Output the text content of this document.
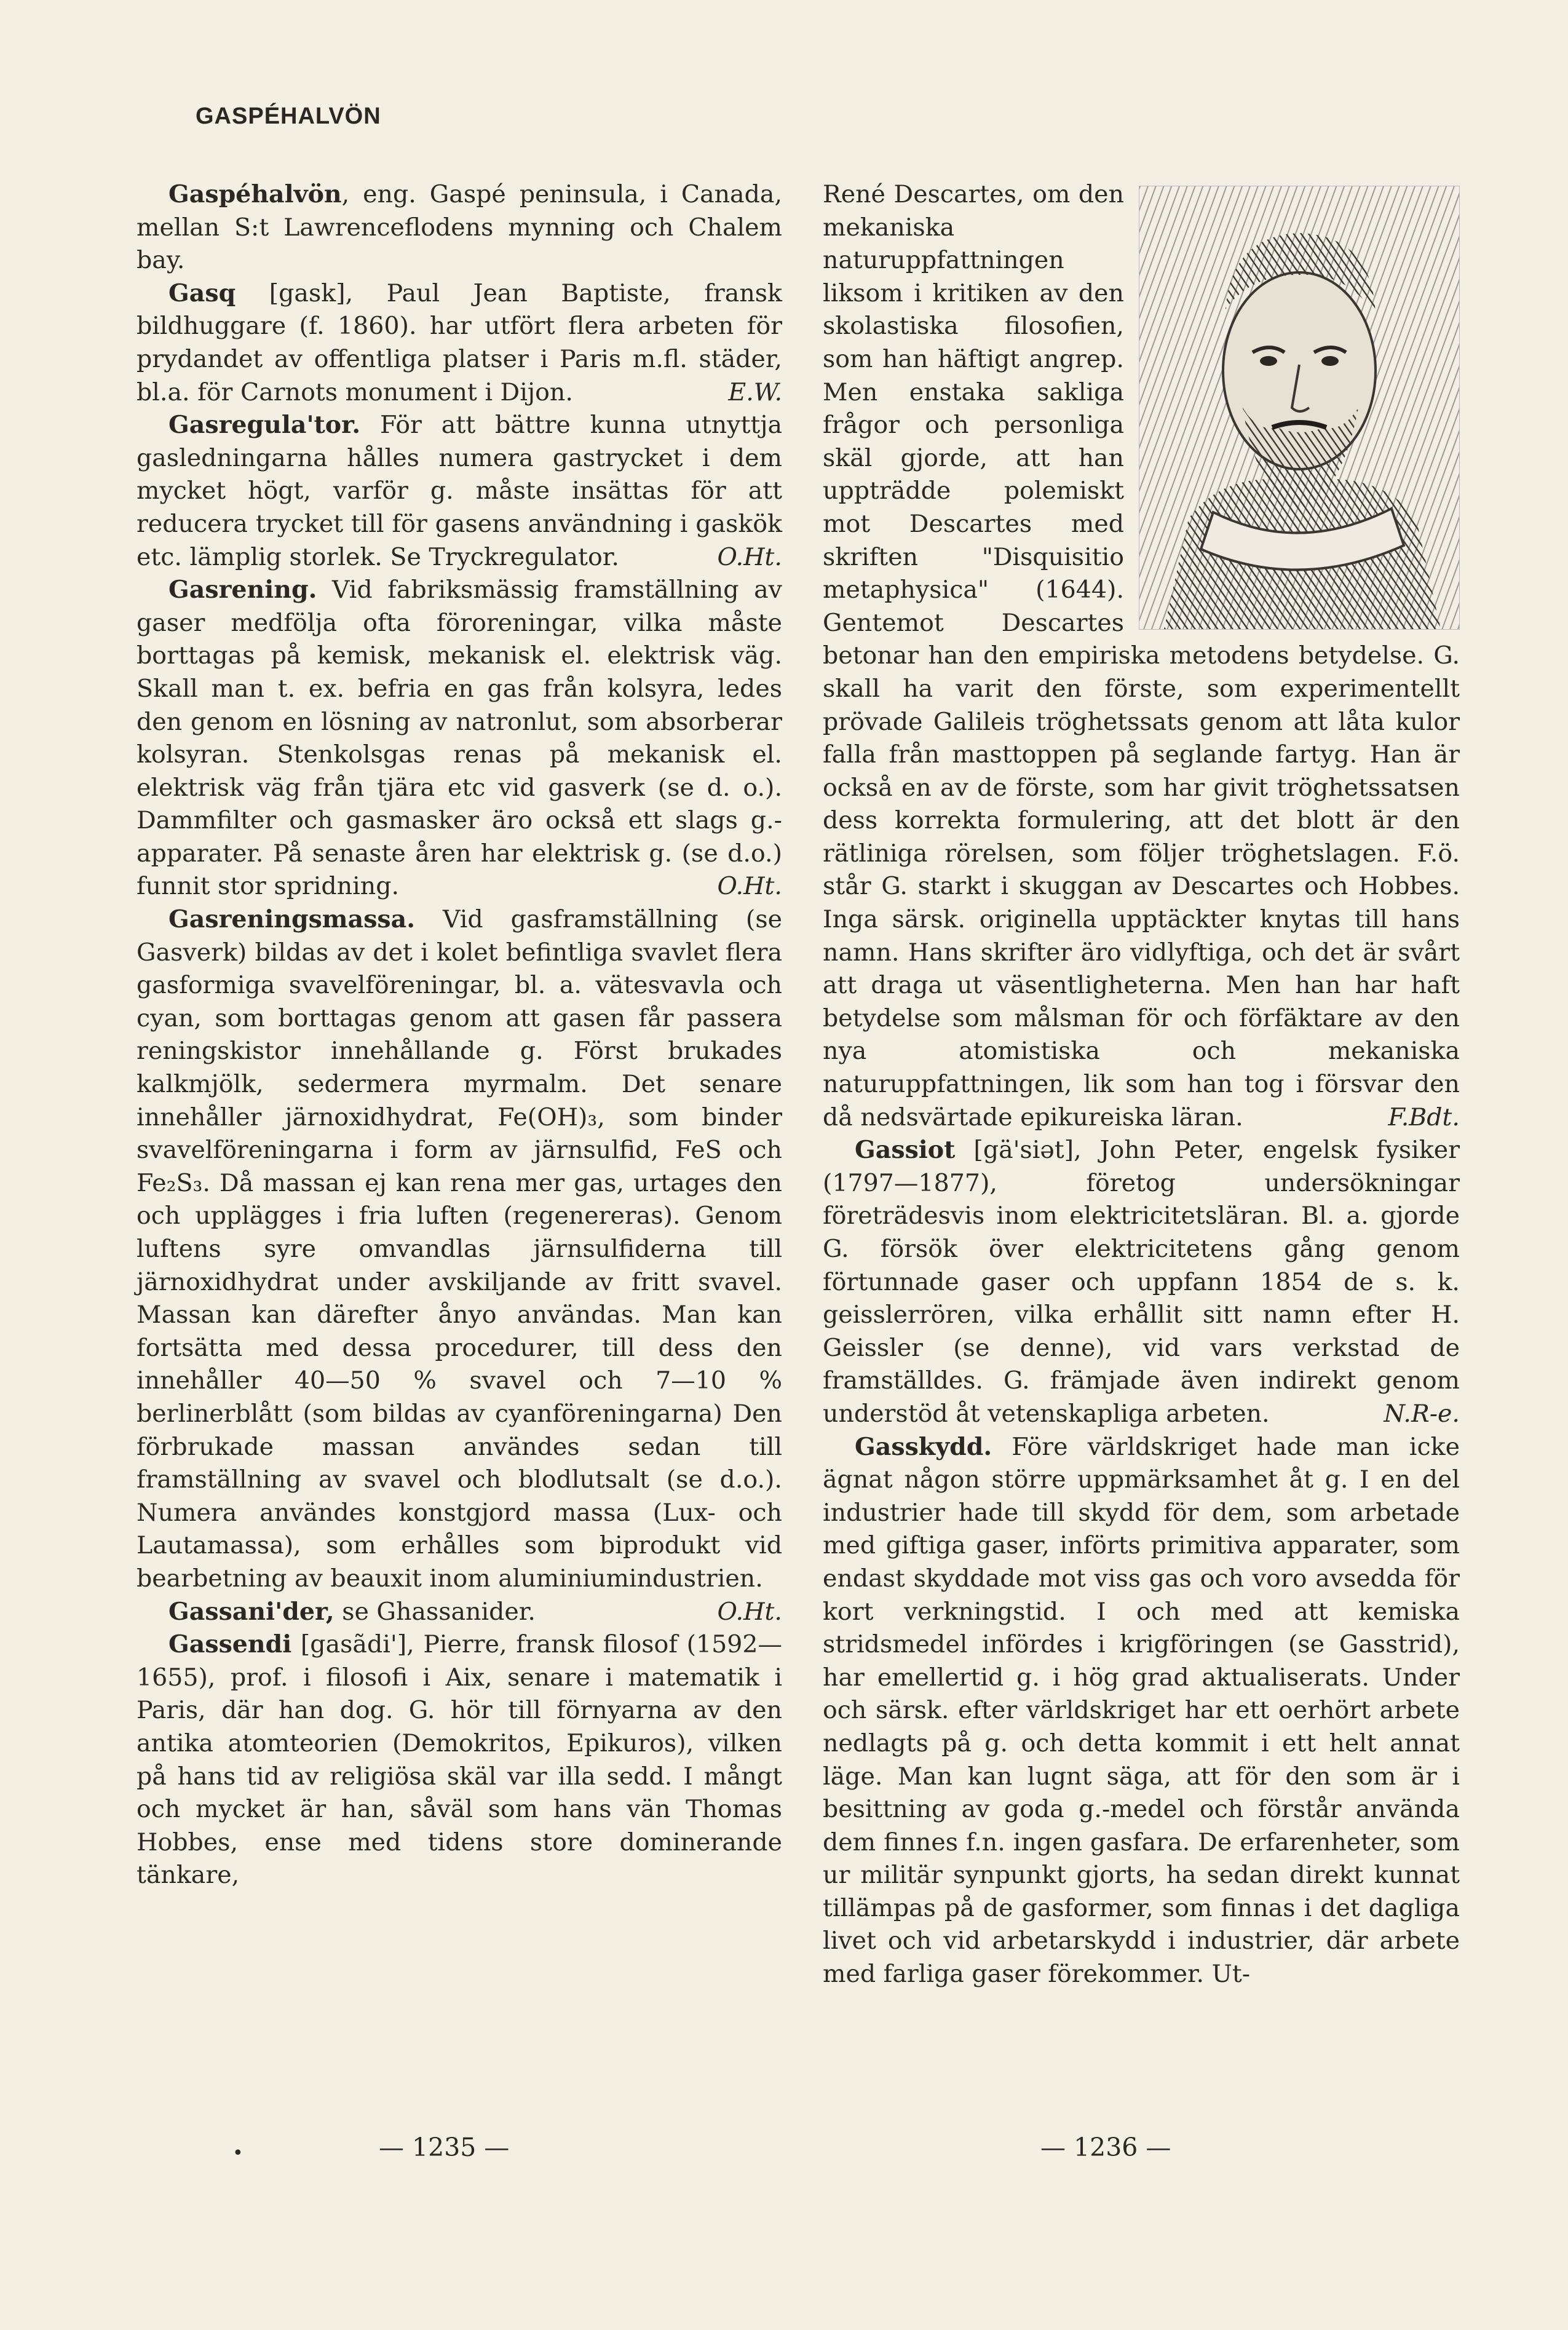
GASPÉHALVÖN

Gaspéhalvön, eng. Gaspé peninsula, i Canada, mellan S:t Lawrenceflodens mynning och Chalem bay.

Gasq [gask], Paul Jean Baptiste, fransk bildhuggare (f. 1860). har utfört flera arbeten för prydandet av offentliga platser i Paris m.fl. städer, bl.a. för Carnots monument i Dijon.	E.W.

Gasregula'tor. För att bättre kunna utnyttja gasledningarna hålles numera gastrycket i dem mycket högt, varför g. måste insättas för att reducera trycket till för gasens användning i gaskök etc. lämplig storlek. Se Tryckregulator.	O.Ht.

Gasrening. Vid fabriksmässig framställning av gaser medfölja ofta föroreningar, vilka måste borttagas på kemisk, mekanisk el. elektrisk väg. Skall man t. ex. befria en gas från kolsyra, ledes den genom en lösning av natronlut, som absorberar kolsyran. Stenkolsgas renas på mekanisk el. elektrisk väg från tjära etc vid gasverk (se d. o.). Dammfilter och gasmasker äro också ett slags g.-apparater. På senaste åren har elektrisk g. (se d.o.) funnit stor spridning.	O.Ht.

Gasreningsmassa. Vid gasframställning (se Gasverk) bildas av det i kolet befintliga svavlet flera gasformiga svavelföreningar, bl. a. vätesvavla och cyan, som borttagas genom att gasen får passera reningskistor innehållande g. Först brukades kalkmjölk, sedermera myrmalm. Det senare innehåller järnoxidhydrat, Fe(OH)₃, som binder svavelföreningarna i form av järnsulfid, FeS och Fe₂S₃. Då massan ej kan rena mer gas, urtages den och upplägges i fria luften (regenereras). Genom luftens syre omvandlas järnsulfiderna till järnoxidhydrat under avskiljande av fritt svavel. Massan kan därefter ånyo användas. Man kan fortsätta med dessa procedurer, till dess den innehåller 40—50 % svavel och 7—10 % berlinerblått (som bildas av cyanföreningarna) Den förbrukade massan användes sedan till framställning av svavel och blodlutsalt (se d.o.). Numera användes konstgjord massa (Lux- och Lautamassa), som erhålles som biprodukt vid bearbetning av beauxit inom aluminiumindustrien.
O.Ht.

Gassani'der, se Ghassanider.

Gassendi [gasãdi'], Pierre, fransk filosof (1592—1655), prof. i filosofi i Aix, senare i matematik i Paris, där han dog. G. hör till förnyarna av den antika atomteorien (Demokritos, Epikuros), vilken på hans tid av religiösa skäl var illa sedd. I mångt och mycket är han, såväl som hans vän Thomas Hobbes, ense med tidens store dominerande tänkare,

René Descartes, om den mekaniska naturuppfattningen liksom i kritiken av den skolastiska filosofien, som han häftigt angrep. Men enstaka sakliga frågor och personliga skäl gjorde, att han uppträdde polemiskt mot Descartes med skriften "Disquisitio metaphysica" (1644). Gentemot Descartes betonar han den empiriska metodens betydelse. G. skall ha varit den förste, som experimentellt prövade Galileis tröghetssats genom att låta kulor falla från masttoppen på seglande fartyg. Han är också en av de förste, som har givit tröghetssatsen dess korrekta formulering, att det blott är den rätliniga rörelsen, som följer tröghetslagen. F.ö. står G. starkt i skuggan av Descartes och Hobbes. Inga särsk. originella upptäckter knytas till hans namn. Hans skrifter äro vidlyftiga, och det är svårt att draga ut väsentligheterna. Men han har haft betydelse som målsman för och förfäktare av den nya atomistiska och mekaniska naturuppfattningen, lik som han tog i försvar den då nedsvärtade epikureiska läran.	F.Bdt.

Gassiot [gä'siət], John Peter, engelsk fysiker (1797—1877), företog undersökningar företrädesvis inom elektricitetsläran. Bl. a. gjorde G. försök över elektricitetens gång genom förtunnade gaser och uppfann 1854 de s. k. geisslerrören, vilka erhållit sitt namn efter H. Geissler (se denne), vid vars verkstad de framställdes. G. främjade även indirekt genom understöd åt vetenskapliga arbeten.	N.R-e.

Gasskydd. Före världskriget hade man icke ägnat någon större uppmärksamhet åt g. I en del industrier hade till skydd för dem, som arbetade med giftiga gaser, införts primitiva apparater, som endast skyddade mot viss gas och voro avsedda för kort verkningstid. I och med att kemiska stridsmedel infördes i krigföringen (se Gasstrid), har emellertid g. i hög grad aktualiserats. Under och särsk. efter världskriget har ett oerhört arbete nedlagts på g. och detta kommit i ett helt annat läge. Man kan lugnt säga, att för den som är i besittning av goda g.-medel och förstår använda dem finnes f.n. ingen gasfara. De erfarenheter, som ur militär synpunkt gjorts, ha sedan direkt kunnat tillämpas på de gasformer, som finnas i det dagliga livet och vid arbetarskydd i industrier, där arbete med farliga gaser förekommer. Ut-

•	— 1235 —	— 1236 —
